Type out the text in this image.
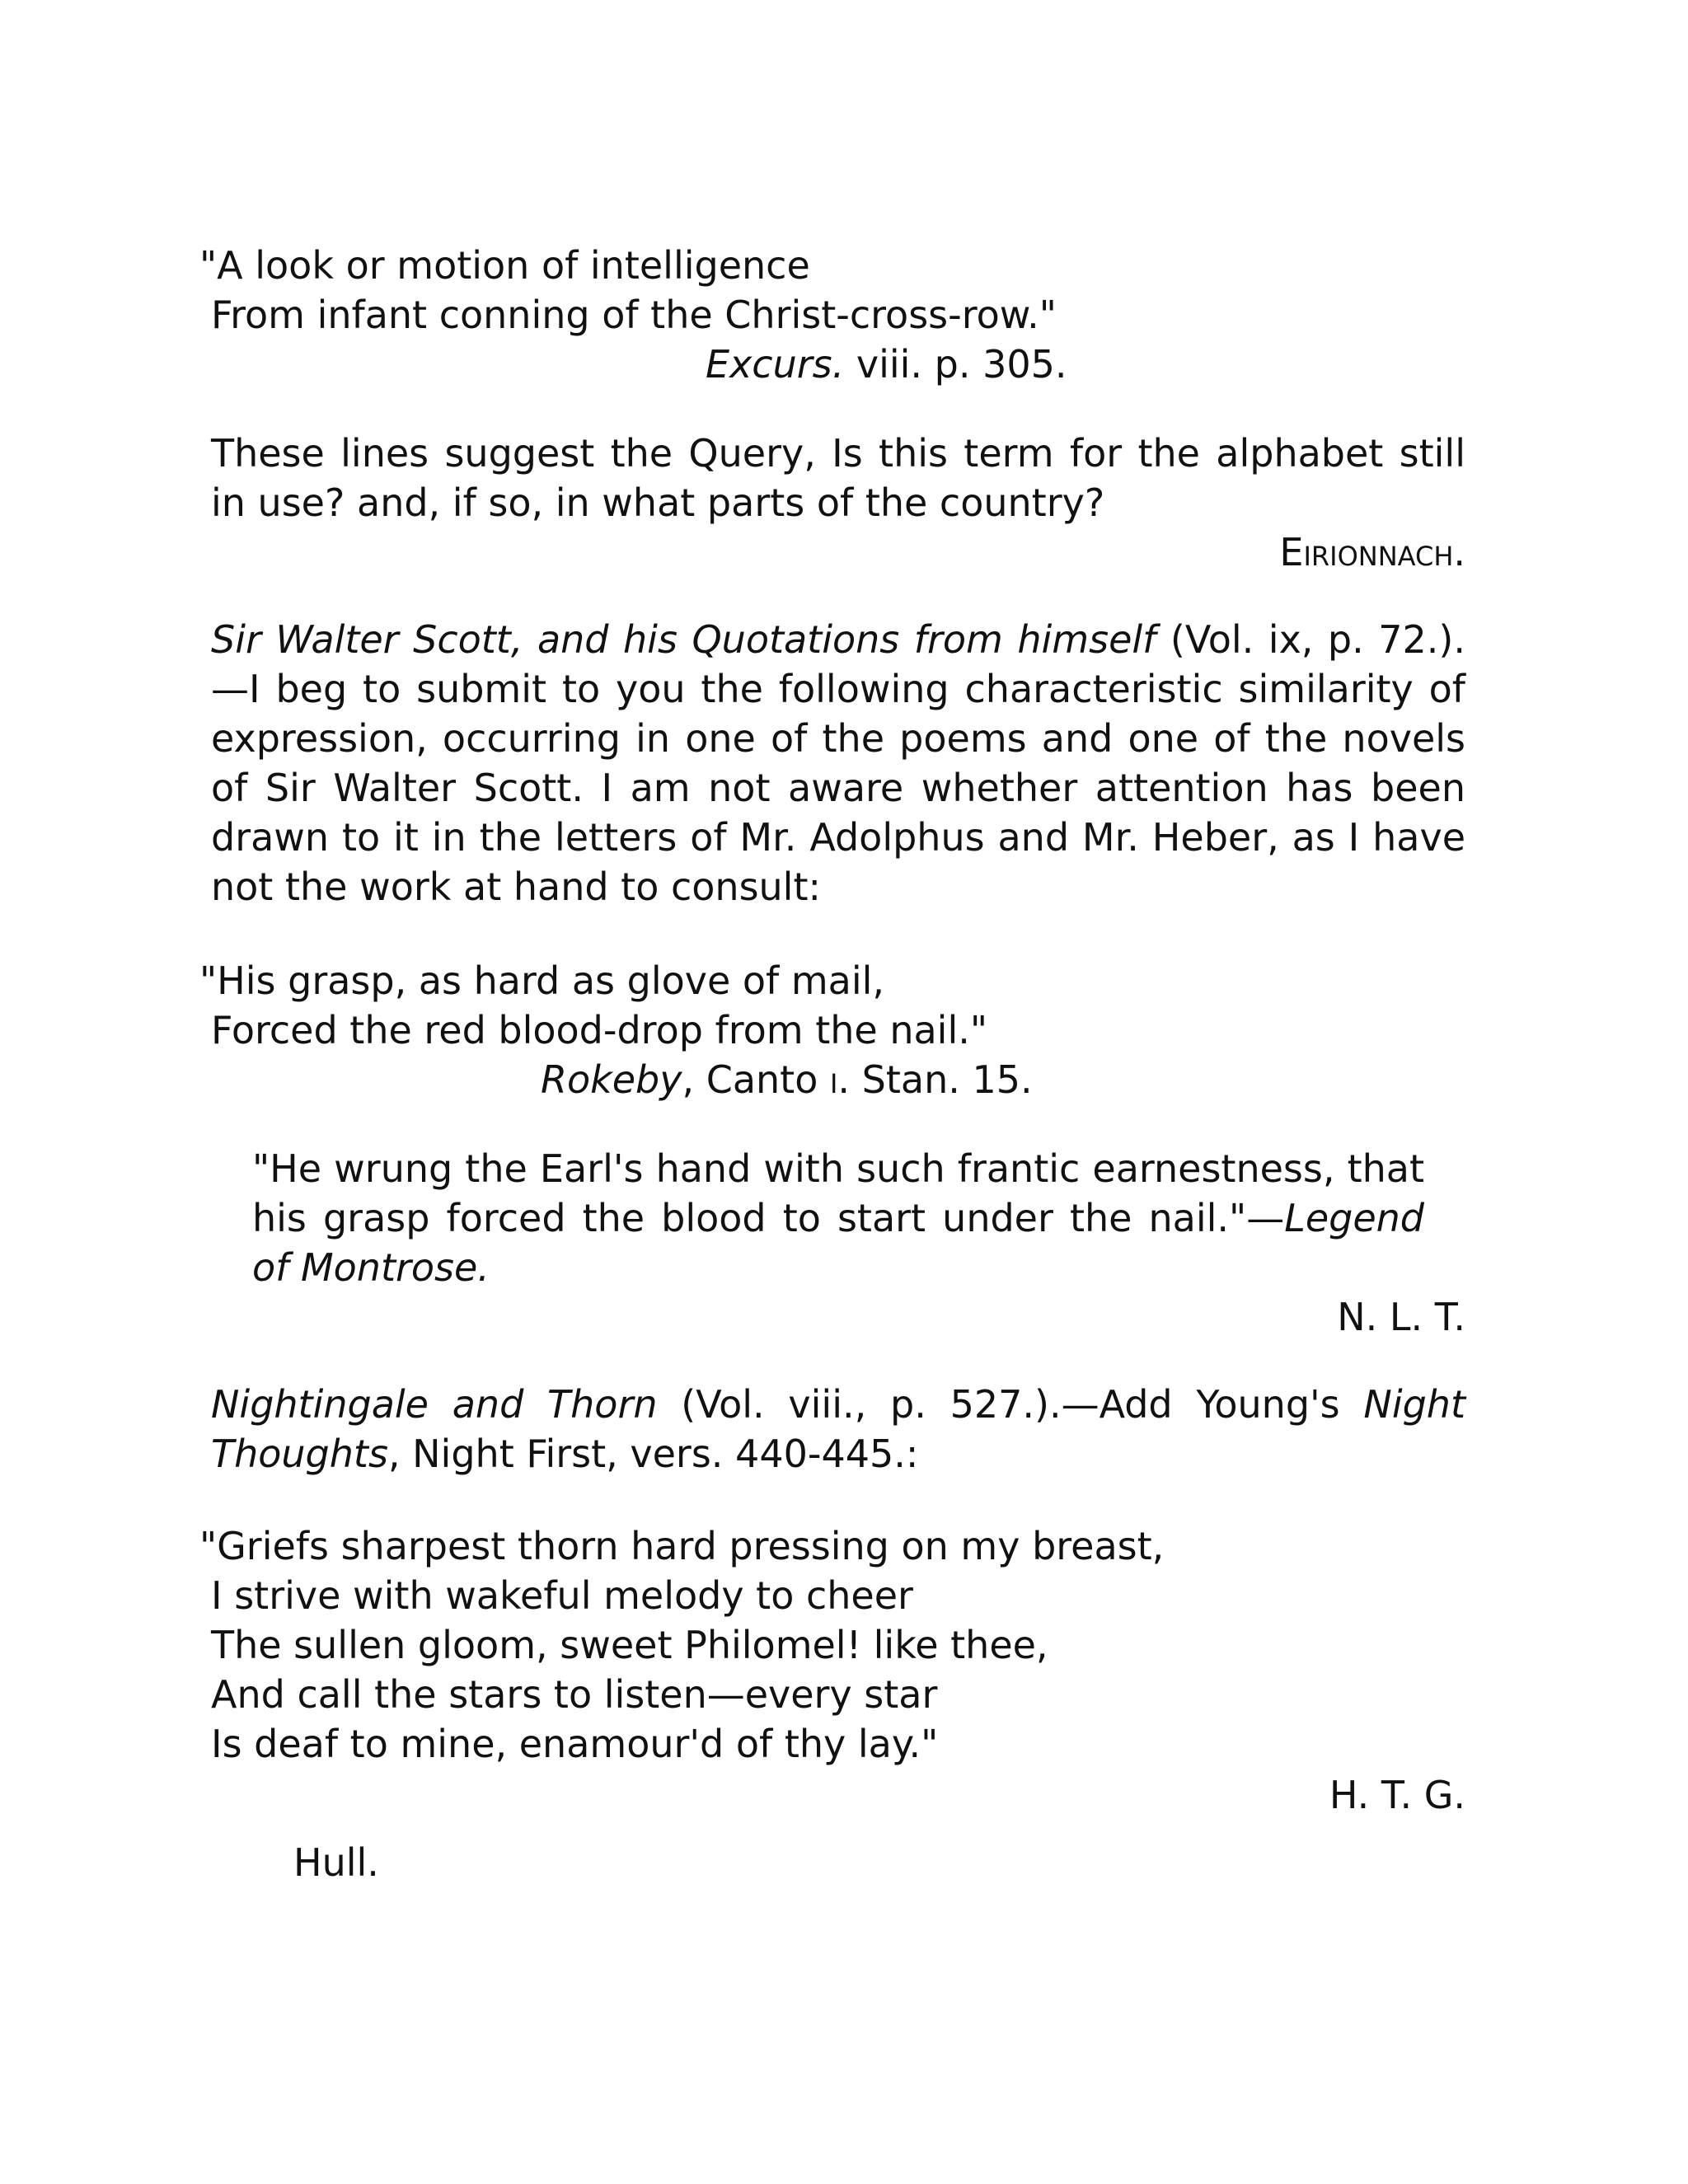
"A look or motion of intelligence
From infant conning of the Christ-cross-row."
Excurs. viii. p. 305.
These lines suggest the Query, Is this term for the alphabet still in use? and, if so, in what parts of the country?
Eirionnach.
Sir Walter Scott, and his Quotations from himself (Vol. ix, p. 72.).—I beg to submit to you the following characteristic similarity of expression, occurring in one of the poems and one of the novels of Sir Walter Scott. I am not aware whether attention has been drawn to it in the letters of Mr. Adolphus and Mr. Heber, as I have not the work at hand to consult:
"His grasp, as hard as glove of mail,
Forced the red blood-drop from the nail."
Rokeby, Canto i. Stan. 15.
"He wrung the Earl's hand with such frantic earnestness, that his grasp forced the blood to start under the nail."—Legend of Montrose.
N. L. T.
Nightingale and Thorn (Vol. viii., p. 527.).—Add Young's Night Thoughts, Night First, vers. 440-445.:
"Griefs sharpest thorn hard pressing on my breast,
I strive with wakeful melody to cheer
The sullen gloom, sweet Philomel! like thee,
And call the stars to listen—every star
Is deaf to mine, enamour'd of thy lay."
H. T. G.
Hull.
